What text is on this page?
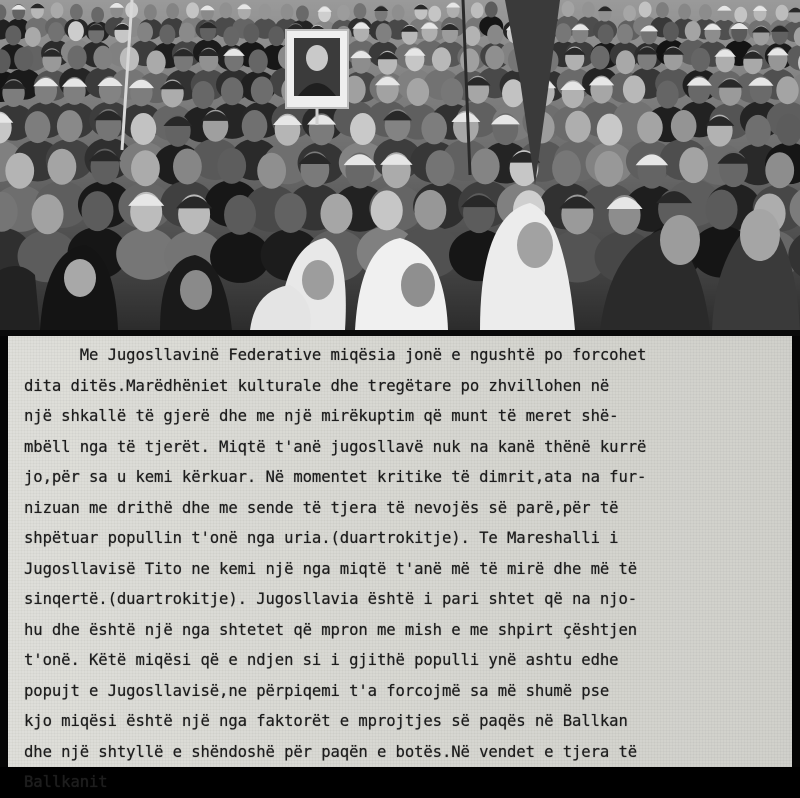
Me Jugosllavinë Federative miqësia jonë e ngushtë po forcohet
dita ditës.Marëdhëniet kulturale dhe tregëtare po zhvillohen në
një shkallë të gjerë dhe me një mirëkuptim që munt të meret shë-
mbëll nga të tjerët. Miqtë t'anë jugosllavë nuk na kanë thënë kurrë
jo,për sa u kemi kërkuar. Në momentet kritike të dimrit,ata na fur-
nizuan me drithë dhe me sende të tjera të nevojës së parë,për të
shpëtuar popullin t'onë nga uria.(duartrokitje). Te Mareshalli i
Jugosllavisë Tito ne kemi një nga miqtë t'anë më të mirë dhe më të
sinqertë.(duartrokitje). Jugosllavia është i pari shtet që na njo-
hu dhe është një nga shtetet që mpron me mish e me shpirt çështjen
t'onë. Këtë miqësi që e ndjen si i gjithë populli ynë ashtu edhe
popujt e Jugosllavisë,ne përpiqemi t'a forcojmë sa më shumë pse
kjo miqësi është një nga faktorët e mprojtjes së paqës në Ballkan
dhe një shtyllë e shëndoshë për paqën e botës.Në vendet e tjera të
Ballkanit
